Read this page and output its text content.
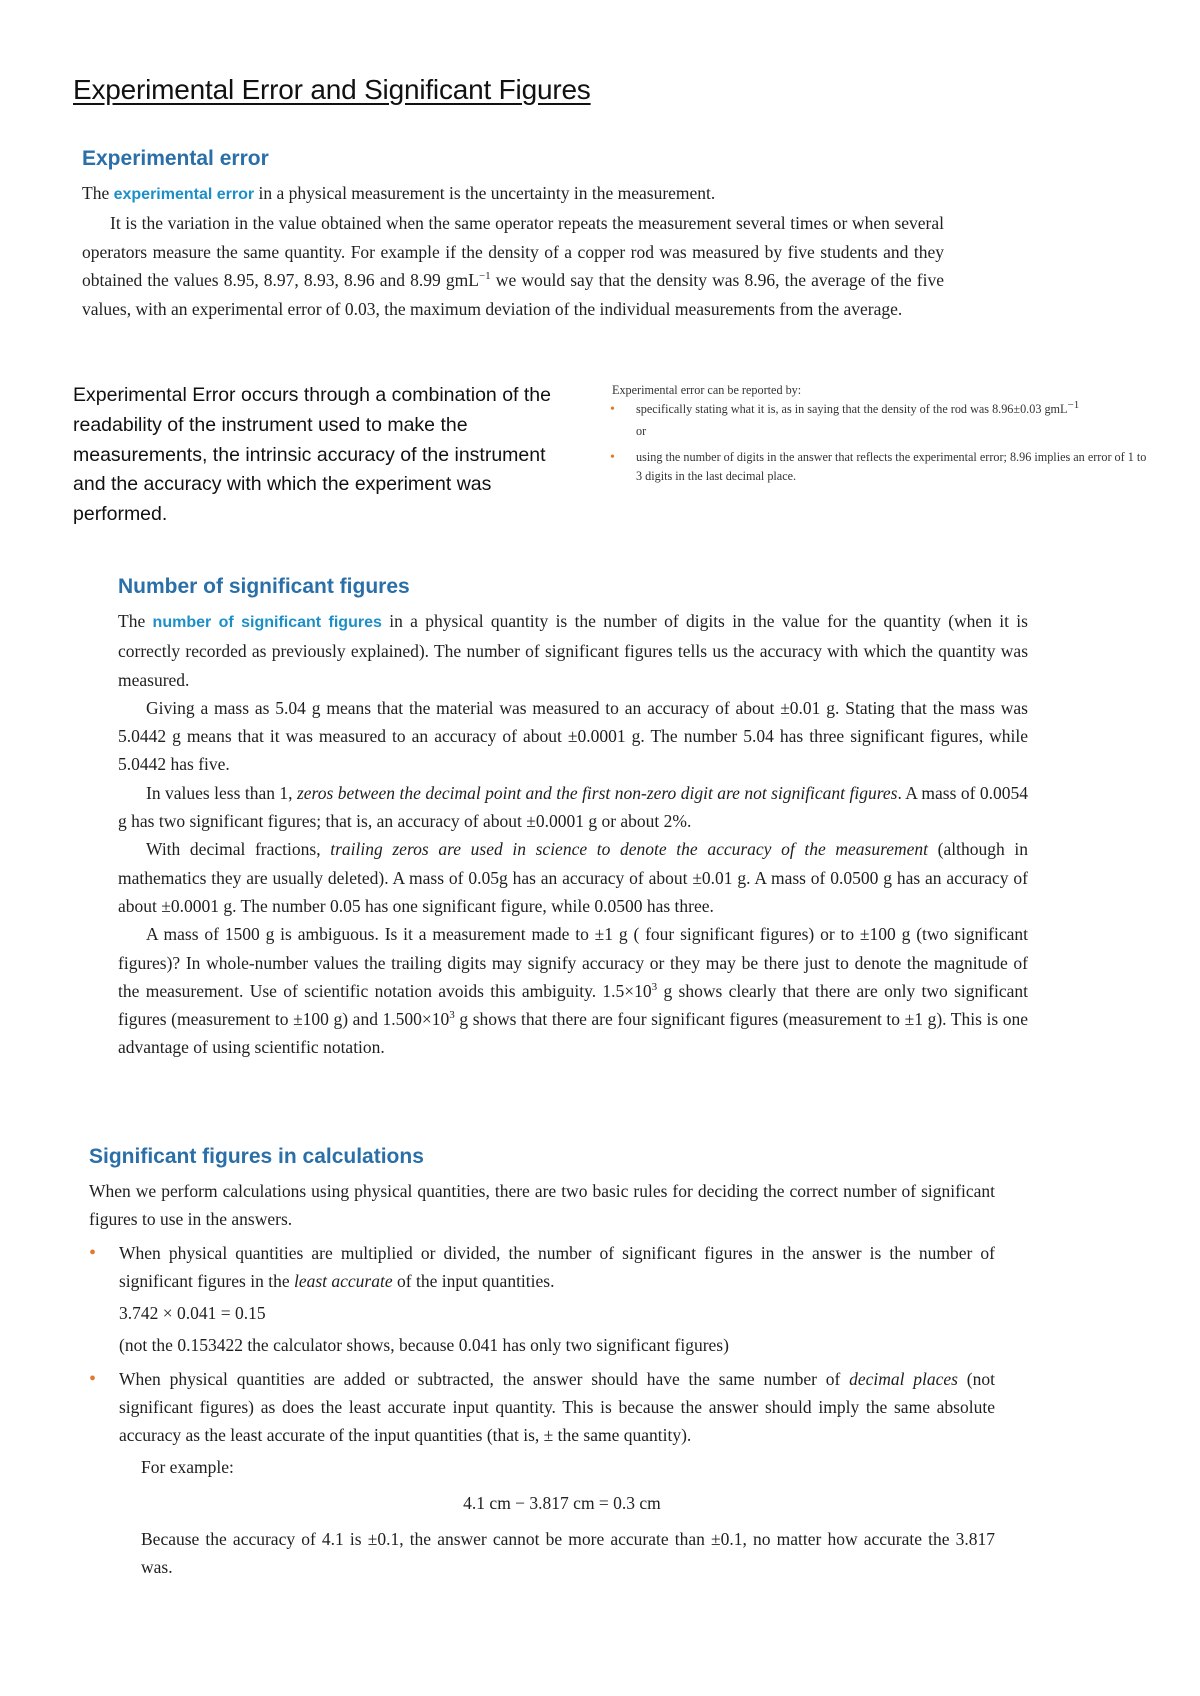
Experimental Error and Significant Figures
Experimental error

The experimental error in a physical measurement is the uncertainty in the measurement.

It is the variation in the value obtained when the same operator repeats the measurement several times or when several operators measure the same quantity. For example if the density of a copper rod was measured by five students and they obtained the values 8.95, 8.97, 8.93, 8.96 and 8.99 gmL$^{-1}$ we would say that the density was 8.96, the average of the five values, with an experimental error of 0.03, the maximum deviation of the individual measurements from the average.

Experimental Error occurs through a combination of the readability of the instrument used to make the measurements, the intrinsic accuracy of the instrument and the accuracy with which the experiment was performed.

Experimental error can be reported by:

• specifically stating what it is, as in saying that the density of the rod was 8.96±0.03 gmL$^{-1}$

or

• using the number of digits in the answer that reflects the experimental error; 8.96 implies an error of 1 to 3 digits in the last decimal place.

Number of significant figures

The number of significant figures in a physical quantity is the number of digits in the value for the quantity (when it is correctly recorded as previously explained). The number of significant figures tells us the accuracy with which the quantity was measured.

Giving a mass as 5.04 g means that the material was measured to an accuracy of about ±0.01 g. Stating that the mass was 5.0442 g means that it was measured to an accuracy of about ±0.0001 g. The number 5.04 has three significant figures, while 5.0442 has five.

In values less than 1, zeros between the decimal point and the first non-zero digit are not significant figures. A mass of 0.0054 g has two significant figures; that is, an accuracy of about ±0.0001 g or about 2%.

With decimal fractions, trailing zeros are used in science to denote the accuracy of the measurement (although in mathematics they are usually deleted). A mass of 0.05g has an accuracy of about ±0.01 g. A mass of 0.0500 g has an accuracy of about ±0.0001 g. The number 0.05 has one significant figure, while 0.0500 has three.

A mass of 1500 g is ambiguous. Is it a measurement made to ±1 g ( four significant figures) or to ±100 g (two significant figures)? In whole-number values the trailing digits may signify accuracy or they may be there just to denote the magnitude of the measurement. Use of scientific notation avoids this ambiguity. $1.5\times 10^3$ g shows clearly that there are only two significant figures (measurement to ±100 g) and $1.500\times 10^3$ g shows that there are four significant figures (measurement to ±1 g). This is one advantage of using scientific notation.

Significant figures in calculations

When we perform calculations using physical quantities, there are two basic rules for deciding the correct number of significant figures to use in the answers.

• When physical quantities are multiplied or divided, the number of significant figures in the answer is the number of significant figures in the least accurate of the input quantities.

3.742 × 0.041 = 0.15

(not the 0.153422 the calculator shows, because 0.041 has only two significant figures)

• When physical quantities are added or subtracted, the answer should have the same number of decimal places (not significant figures) as does the least accurate input quantity. This is because the answer should imply the same absolute accuracy as the least accurate of the input quantities (that is, ± the same quantity).

For example:

4.1 cm − 3.817 cm = 0.3 cm

Because the accuracy of 4.1 is ±0.1, the answer cannot be more accurate than ±0.1, no matter how accurate the 3.817 was.
